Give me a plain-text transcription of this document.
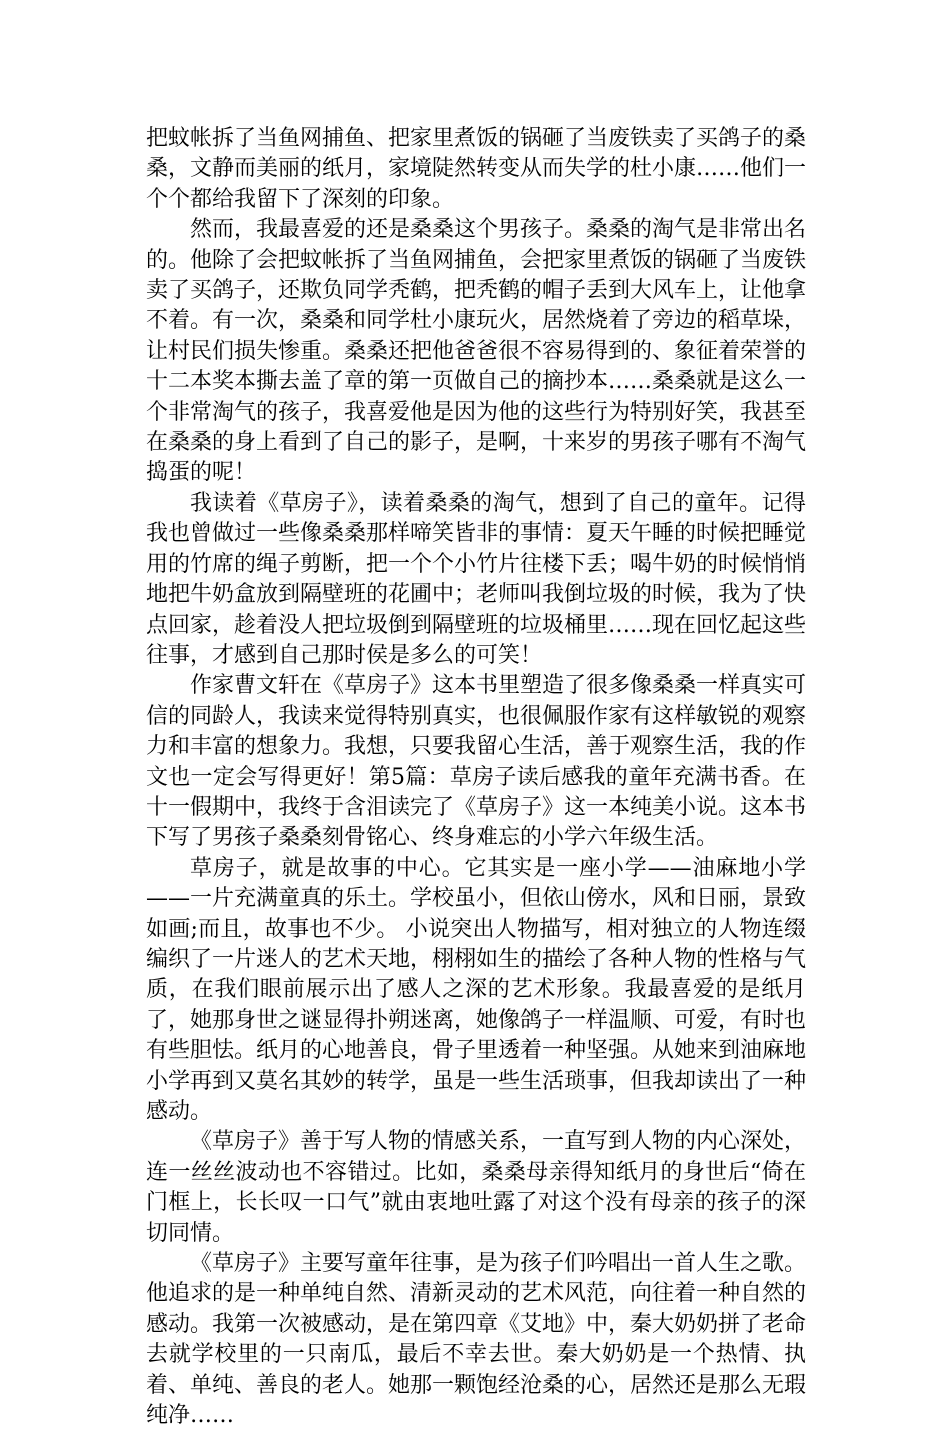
把蚊帐拆了当鱼网捕鱼、把家里煮饭的锅砸了当废铁卖了买鸽子的桑桑，文静而美丽的纸月，家境陡然转变从而失学的杜小康……他们一个个都给我留下了深刻的印象。

然而，我最喜爱的还是桑桑这个男孩子。桑桑的淘气是非常出名的。他除了会把蚊帐拆了当鱼网捕鱼，会把家里煮饭的锅砸了当废铁卖了买鸽子，还欺负同学秃鹤，把秃鹤的帽子丢到大风车上，让他拿不着。有一次，桑桑和同学杜小康玩火，居然烧着了旁边的稻草垛，让村民们损失惨重。桑桑还把他爸爸很不容易得到的、象征着荣誉的十二本奖本撕去盖了章的第一页做自己的摘抄本……桑桑就是这么一个非常淘气的孩子，我喜爱他是因为他的这些行为特别好笑，我甚至在桑桑的身上看到了自己的影子，是啊，十来岁的男孩子哪有不淘气捣蛋的呢！

我读着《草房子》，读着桑桑的淘气，想到了自己的童年。记得我也曾做过一些像桑桑那样啼笑皆非的事情：夏天午睡的时候把睡觉用的竹席的绳子剪断，把一个个小竹片往楼下丢；喝牛奶的时候悄悄地把牛奶盒放到隔壁班的花圃中；老师叫我倒垃圾的时候，我为了快点回家，趁着没人把垃圾倒到隔壁班的垃圾桶里……现在回忆起这些往事，才感到自己那时侯是多么的可笑！

作家曹文轩在《草房子》这本书里塑造了很多像桑桑一样真实可信的同龄人，我读来觉得特别真实，也很佩服作家有这样敏锐的观察力和丰富的想象力。我想，只要我留心生活，善于观察生活，我的作文也一定会写得更好！第5篇：草房子读后感我的童年充满书香。在十一假期中，我终于含泪读完了《草房子》这一本纯美小说。这本书下写了男孩子桑桑刻骨铭心、终身难忘的小学六年级生活。

草房子，就是故事的中心。它其实是一座小学——油麻地小学——一片充满童真的乐土。学校虽小，但依山傍水，风和日丽，景致如画;而且，故事也不少。 小说突出人物描写，相对独立的人物连缀编织了一片迷人的艺术天地，栩栩如生的描绘了各种人物的性格与气质，在我们眼前展示出了感人之深的艺术形象。我最喜爱的是纸月了，她那身世之谜显得扑朔迷离，她像鸽子一样温顺、可爱，有时也有些胆怯。纸月的心地善良，骨子里透着一种坚强。从她来到油麻地小学再到又莫名其妙的转学，虽是一些生活琐事，但我却读出了一种感动。

《草房子》善于写人物的情感关系，一直写到人物的内心深处，连一丝丝波动也不容错过。比如，桑桑母亲得知纸月的身世后“倚在门框上，长长叹一口气”就由衷地吐露了对这个没有母亲的孩子的深切同情。

《草房子》主要写童年往事，是为孩子们吟唱出一首人生之歌。他追求的是一种单纯自然、清新灵动的艺术风范，向往着一种自然的感动。我第一次被感动，是在第四章《艾地》中，秦大奶奶拼了老命去就学校里的一只南瓜，最后不幸去世。秦大奶奶是一个热情、执着、单纯、善良的老人。她那一颗饱经沧桑的心，居然还是那么无瑕纯净……
